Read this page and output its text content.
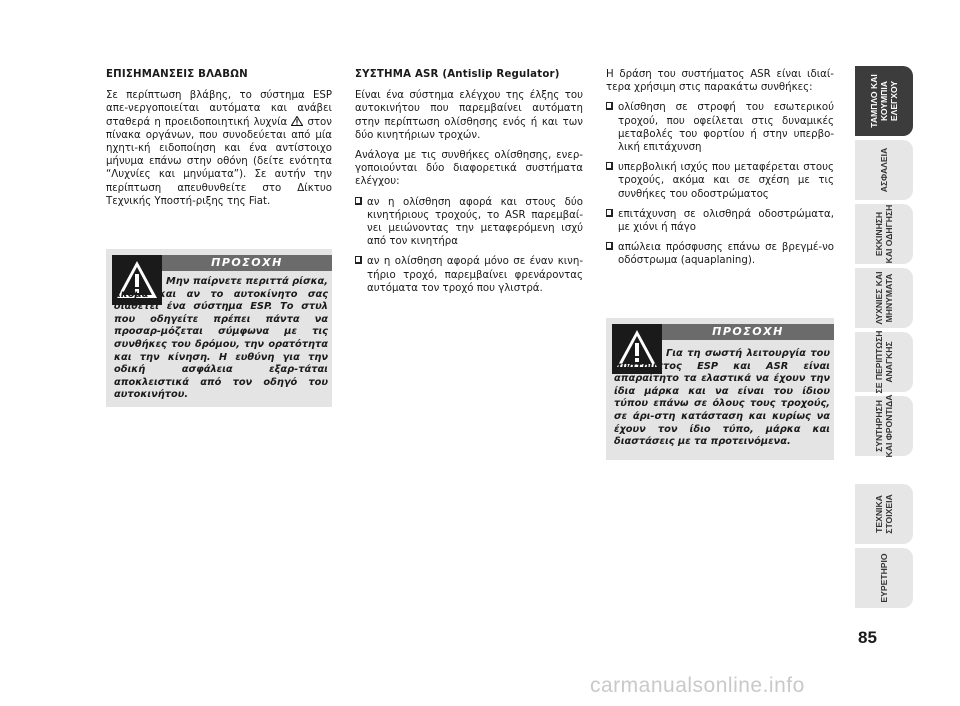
ΕΠΙΣΗΜΑΝΣΕΙΣ ΒΛΑΒΩΝ

Σε περίπτωση βλάβης, το σύστημα ESP απε-νεργοποιείται αυτόματα και ανάβει σταθερά η προειδοποιητική λυχνία  στον πίνακα οργάνων, που συνοδεύεται από μία ηχητι-κή ειδοποίηση και ένα αντίστοιχο μήνυμα επάνω στην οθόνη (δείτε ενότητα “Λυχνίες και μηνύματα”). Σε αυτήν την περίπτωση απευθυνθείτε στο Δίκτυο Τεχνικής Υποστή-ριξης της Fiat.

ΠΡΟΣΟΧΗ
Μην παίρνετε περιττά ρίσκα, ακόμα και αν το αυτοκίνητο σας διαθέτει ένα σύστημα ESP. Το στυλ που οδηγείτε πρέπει πάντα να προσαρ-μόζεται σύμφωνα με τις συνθήκες του δρόμου, την ορατότητα και την κίνηση. Η ευθύνη για την οδική ασφάλεια εξαρ-τάται αποκλειστικά από τον οδηγό του αυτοκινήτου.

ΣΥΣΤΗΜΑ ASR (Antislip Regulator)

Είναι ένα σύστημα ελέγχου της έλξης του αυτοκινήτου που παρεμβαίνει αυτόματη στην περίπτωση ολίσθησης ενός ή και των δύο κινητήριων τροχών.

Ανάλογα με τις συνθήκες ολίσθησης, ενερ-γοποιούνται δύο διαφορετικά συστήματα ελέγχου:

αν η ολίσθηση αφορά και στους δύο κινητήριους τροχούς, το ASR παρεμβαί-νει μειώνοντας την μεταφερόμενη ισχύ από τον κινητήρα
αν η ολίσθηση αφορά μόνο σε έναν κινη-τήριο τροχό, παρεμβαίνει φρενάροντας αυτόματα τον τροχό που γλιστρά.

Η δράση του συστήματος ASR είναι ιδιαί-τερα χρήσιμη στις παρακάτω συνθήκες:

ολίσθηση σε στροφή του εσωτερικού τροχού, που οφείλεται στις δυναμικές μεταβολές του φορτίου ή στην υπερβο-λική επιτάχυνση
υπερβολική ισχύς που μεταφέρεται στους τροχούς, ακόμα και σε σχέση με τις συνθήκες του οδοστρώματος
επιτάχυνση σε ολισθηρά οδοστρώματα, με χιόνι ή πάγο
απώλεια πρόσφυσης επάνω σε βρεγμέ-νο οδόστρωμα (aquaplaning).
ΠΡΟΣΟΧΗ
Για τη σωστή λειτουργία του συστήματος ESP και ASR είναι απαραίτητο τα ελαστικά να έχουν την ίδια μάρκα και να είναι του ίδιου τύπου επάνω σε όλους τους τροχούς, σε άρι-στη κατάσταση και κυρίως να έχουν τον ίδιο τύπο, μάρκα και διαστάσεις με τα προτεινόμενα.
ΤΑΜΠΛΟ ΚΑΙ
ΚΟΥΜΠΙΑ
ΕΛΕΓΧΟΥ
ΑΣΦΑΛΕΙΑ
ΕΚΚΙΝΗΣΗ
ΚΑΙ ΟΔΗΓΗΣΗ
ΛΥΧΝΙΕΣ ΚΑΙ
ΜΗΝΥΜΑΤΑ
ΣΕ ΠΕΡΙΠΤΩΣΗ
ΑΝΑΓΚΗΣ
ΣΥΝΤΗΡΗΣΗ
ΚΑΙ ΦΡΟΝΤΙΔΑ
ΤΕΧΝΙΚΑ
ΣΤΟΙΧΕΙΑ
ΕΥΡΕΤΗΡΙΟ
85
carmanualsonline.info
